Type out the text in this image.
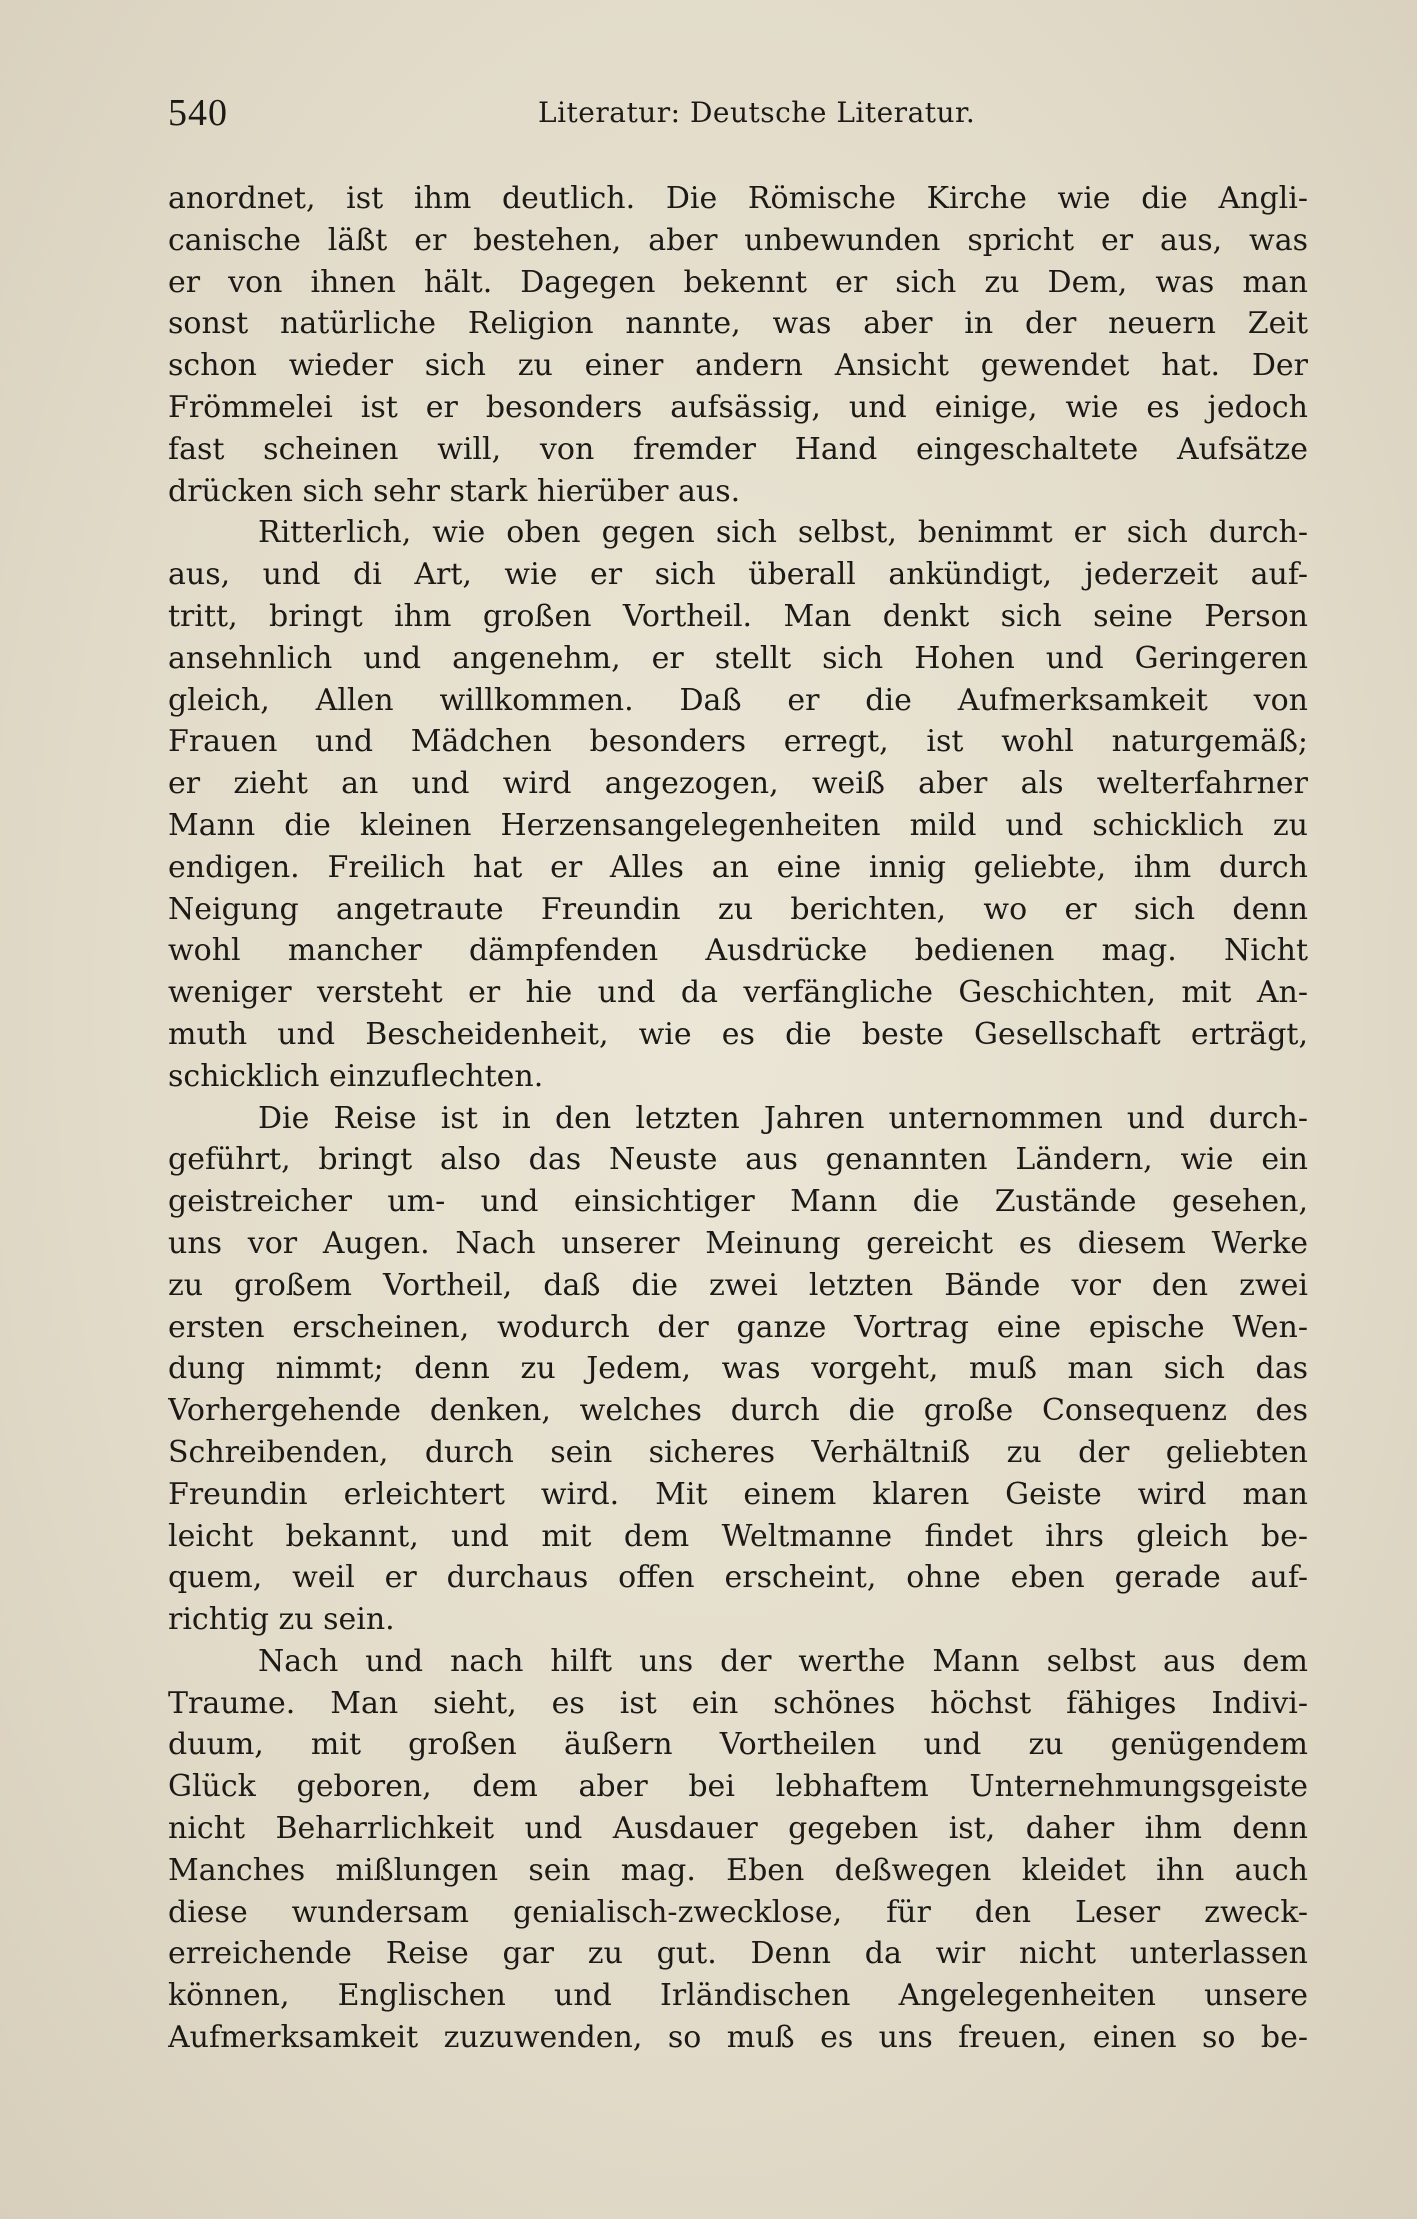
540	Literatur: Deutsche Literatur.
anordnet, ist ihm deutlich. Die Römische Kirche wie die Angli-
canische läßt er bestehen, aber unbewunden spricht er aus, was
er von ihnen hält. Dagegen bekennt er sich zu Dem, was man
sonst natürliche Religion nannte, was aber in der neuern Zeit
schon wieder sich zu einer andern Ansicht gewendet hat. Der
Frömmelei ist er besonders aufsässig, und einige, wie es jedoch
fast scheinen will, von fremder Hand eingeschaltete Aufsätze
drücken sich sehr stark hierüber aus.
Ritterlich, wie oben gegen sich selbst, benimmt er sich durch-
aus, und di Art, wie er sich überall ankündigt, jederzeit auf-
tritt, bringt ihm großen Vortheil. Man denkt sich seine Person
ansehnlich und angenehm, er stellt sich Hohen und Geringeren
gleich, Allen willkommen. Daß er die Aufmerksamkeit von
Frauen und Mädchen besonders erregt, ist wohl naturgemäß;
er zieht an und wird angezogen, weiß aber als welterfahrner
Mann die kleinen Herzensangelegenheiten mild und schicklich zu
endigen. Freilich hat er Alles an eine innig geliebte, ihm durch
Neigung angetraute Freundin zu berichten, wo er sich denn
wohl mancher dämpfenden Ausdrücke bedienen mag. Nicht
weniger versteht er hie und da verfängliche Geschichten, mit An-
muth und Bescheidenheit, wie es die beste Gesellschaft erträgt,
schicklich einzuflechten.
Die Reise ist in den letzten Jahren unternommen und durch-
geführt, bringt also das Neuste aus genannten Ländern, wie ein
geistreicher um- und einsichtiger Mann die Zustände gesehen,
uns vor Augen. Nach unserer Meinung gereicht es diesem Werke
zu großem Vortheil, daß die zwei letzten Bände vor den zwei
ersten erscheinen, wodurch der ganze Vortrag eine epische Wen-
dung nimmt; denn zu Jedem, was vorgeht, muß man sich das
Vorhergehende denken, welches durch die große Consequenz des
Schreibenden, durch sein sicheres Verhältniß zu der geliebten
Freundin erleichtert wird. Mit einem klaren Geiste wird man
leicht bekannt, und mit dem Weltmanne findet ihrs gleich be-
quem, weil er durchaus offen erscheint, ohne eben gerade auf-
richtig zu sein.
Nach und nach hilft uns der werthe Mann selbst aus dem
Traume. Man sieht, es ist ein schönes höchst fähiges Indivi-
duum, mit großen äußern Vortheilen und zu genügendem
Glück geboren, dem aber bei lebhaftem Unternehmungsgeiste
nicht Beharrlichkeit und Ausdauer gegeben ist, daher ihm denn
Manches mißlungen sein mag. Eben deßwegen kleidet ihn auch
diese wundersam genialisch-zwecklose, für den Leser zweck-
erreichende Reise gar zu gut. Denn da wir nicht unterlassen
können, Englischen und Irländischen Angelegenheiten unsere
Aufmerksamkeit zuzuwenden, so muß es uns freuen, einen so be-
